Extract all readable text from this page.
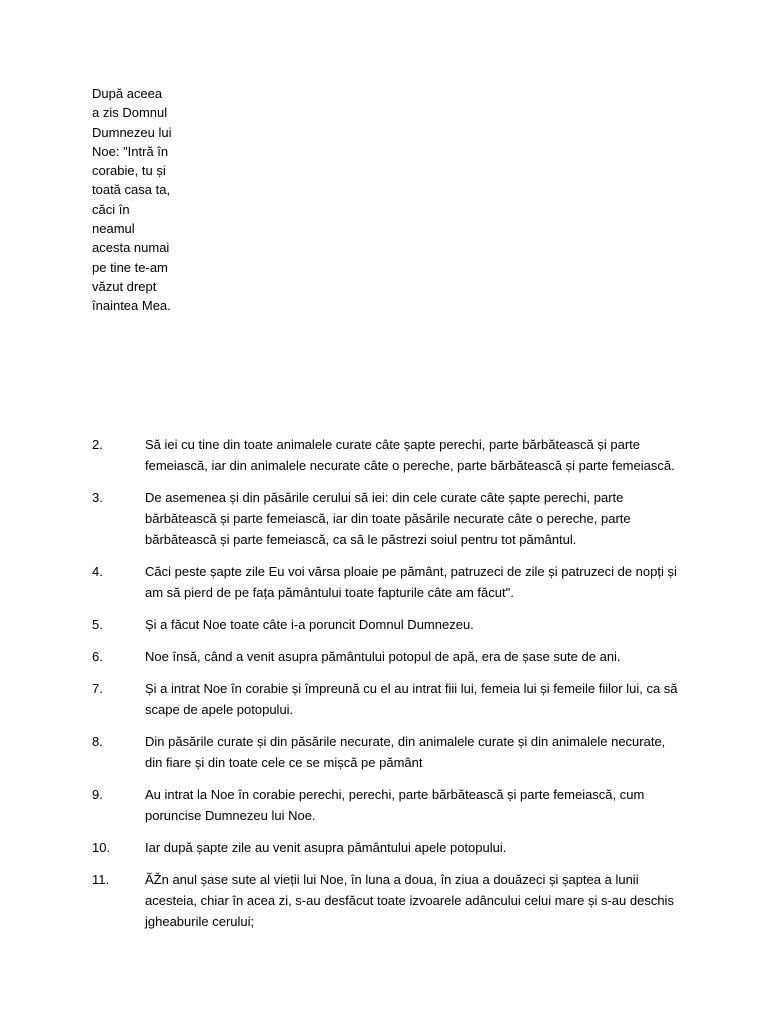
După aceea a zis Domnul Dumnezeu lui Noe: "Intră în corabie, tu și toată casa ta, căci în neamul acesta numai pe tine te-am văzut drept înaintea Mea.

2.	Să iei cu tine din toate animalele curate câte șapte perechi, parte bărbătească și parte femeiască, iar din animalele necurate câte o pereche, parte bărbătească și parte femeiască.
3.	De asemenea și din păsările cerului să iei: din cele curate câte șapte perechi, parte bărbătească și parte femeiască, iar din toate păsările necurate câte o pereche, parte bărbătească și parte femeiască, ca să le păstrezi soiul pentru tot pământul.
4.	Căci peste șapte zile Eu voi vărsa ploaie pe pământ, patruzeci de zile și patruzeci de nopți și am să pierd de pe fața pământului toate fapturile câte am făcut".
5.	Și a făcut Noe toate câte i-a poruncit Domnul Dumnezeu.
6.	Noe însă, când a venit asupra pământului potopul de apă, era de șase sute de ani.
7.	Și a intrat Noe în corabie și împreună cu el au intrat fiii lui, femeia lui și femeile fiilor lui, ca să scape de apele potopului.
8.	Din păsările curate și din păsările necurate, din animalele curate și din animalele necurate, din fiare și din toate cele ce se mișcă pe pământ
9.	Au intrat la Noe în corabie perechi, perechi, parte bărbătească și parte femeiască, cum poruncise Dumnezeu lui Noe.
10.	Iar după șapte zile au venit asupra pământului apele potopului.
11.	ÃŽn anul șase sute al vieții lui Noe, în luna a doua, în ziua a douăzeci și șaptea a lunii acesteia, chiar în acea zi, s-au desfăcut toate izvoarele adâncului celui mare și s-au deschis jgheaburile cerului;
